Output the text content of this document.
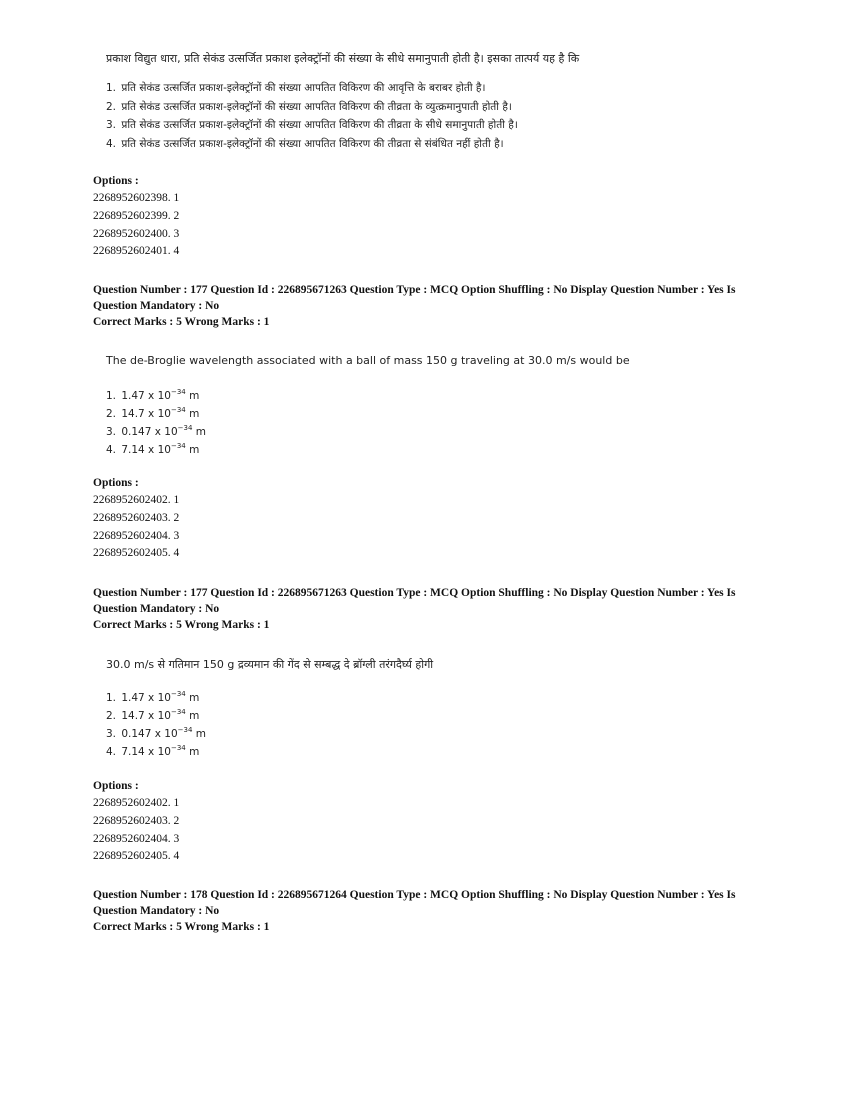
प्रकाश विद्युत धारा, प्रति सेकंड उत्सर्जित प्रकाश इलेक्ट्रॉनों की संख्या के सीधे समानुपाती होती है। इसका तात्पर्य यह है कि
1. प्रति सेकंड उत्सर्जित प्रकाश-इलेक्ट्रॉनों की संख्या आपतित विकिरण की आवृत्ति के बराबर होती है।
2. प्रति सेकंड उत्सर्जित प्रकाश-इलेक्ट्रॉनों की संख्या आपतित विकिरण की तीव्रता के व्युत्क्रमानुपाती होती है।
3. प्रति सेकंड उत्सर्जित प्रकाश-इलेक्ट्रॉनों की संख्या आपतित विकिरण की तीव्रता के सीधे समानुपाती होती है।
4. प्रति सेकंड उत्सर्जित प्रकाश-इलेक्ट्रॉनों की संख्या आपतित विकिरण की तीव्रता से संबंधित नहीं होती है।
Options :
2268952602398. 1
2268952602399. 2
2268952602400. 3
2268952602401. 4
Question Number : 177 Question Id : 226895671263 Question Type : MCQ Option Shuffling : No Display Question Number : Yes Is
Question Mandatory : No
Correct Marks : 5 Wrong Marks : 1
The de-Broglie wavelength associated with a ball of mass 150 g traveling at 30.0 m/s would be
1. 1.47 x $10^{-34}$ m
2. 14.7 x $10^{-34}$ m
3. 0.147 x $10^{-34}$ m
4. 7.14 x $10^{-34}$ m
Options :
2268952602402. 1
2268952602403. 2
2268952602404. 3
2268952602405. 4
Question Number : 177 Question Id : 226895671263 Question Type : MCQ Option Shuffling : No Display Question Number : Yes Is
Question Mandatory : No
Correct Marks : 5 Wrong Marks : 1
30.0 m/s से गतिमान 150 g द्रव्यमान की गेंद से सम्बद्ध दे ब्रॉग्ली तरंगदैर्घ्य होगी
1. 1.47 x $10^{-34}$ m
2. 14.7 x $10^{-34}$ m
3. 0.147 x $10^{-34}$ m
4. 7.14 x $10^{-34}$ m
Options :
2268952602402. 1
2268952602403. 2
2268952602404. 3
2268952602405. 4
Question Number : 178 Question Id : 226895671264 Question Type : MCQ Option Shuffling : No Display Question Number : Yes Is
Question Mandatory : No
Correct Marks : 5 Wrong Marks : 1
